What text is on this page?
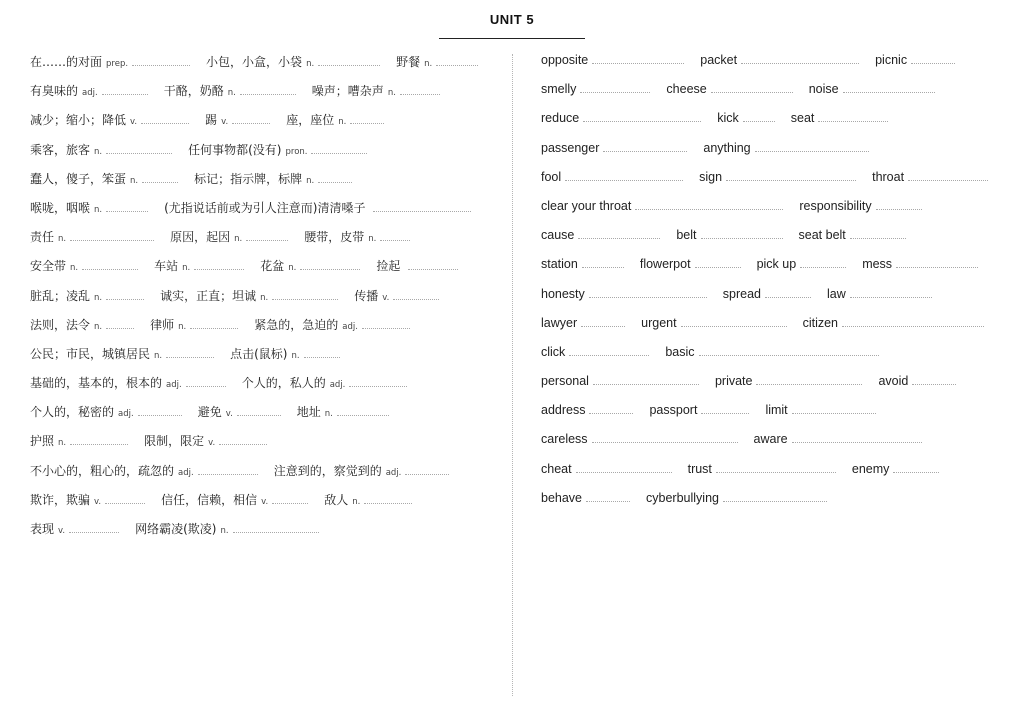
UNIT 5
在……的对面 prep.	小包，小盒，小袋 n.	野餐 n.
有臭味的 adj.	干酪，奶酪 n.	噪声；嘈杂声 n.
减少；缩小；降低 v.	踢 v.	座，座位 n.
乘客，旅客 n.	任何事物都(没有) pron.
蠢人，傻子，笨蛋 n.	标记；指示牌，标牌 n.
喉咙，咽喉 n.	(尤指说话前或为引人注意而)清清嗓子
责任 n.	原因，起因 n.	腰带，皮带 n.
安全带 n.	车站 n.	花盆 n.	捡起
脏乱；凌乱 n.	诚实，正直；坦诚 n.	传播 v.
法则，法令 n.	律师 n.	紧急的，急迫的 adj.
公民；市民，城镇居民 n.	点击(鼠标) n.
基础的，基本的，根本的 adj.	个人的，私人的 adj.
个人的，秘密的 adj.	避免 v.	地址 n.
护照 n.	限制，限定 v.
不小心的，粗心的，疏忽的 adj.	注意到的，察觉到的 adj.
欺诈，欺骗 v.	信任，信赖，相信 v.	敌人 n.
表现 v.	网络霸凌(欺凌) n.
opposite	packet	picnic
smelly	cheese	noise
reduce	kick	seat
passenger	anything
fool	sign	throat
clear your throat	responsibility
cause	belt	seat belt
station	flowerpot	pick up	mess
honesty	spread	law
lawyer	urgent	citizen
click	basic
personal	private	avoid
address	passport	limit
careless	aware
cheat	trust	enemy
behave	cyberbullying
